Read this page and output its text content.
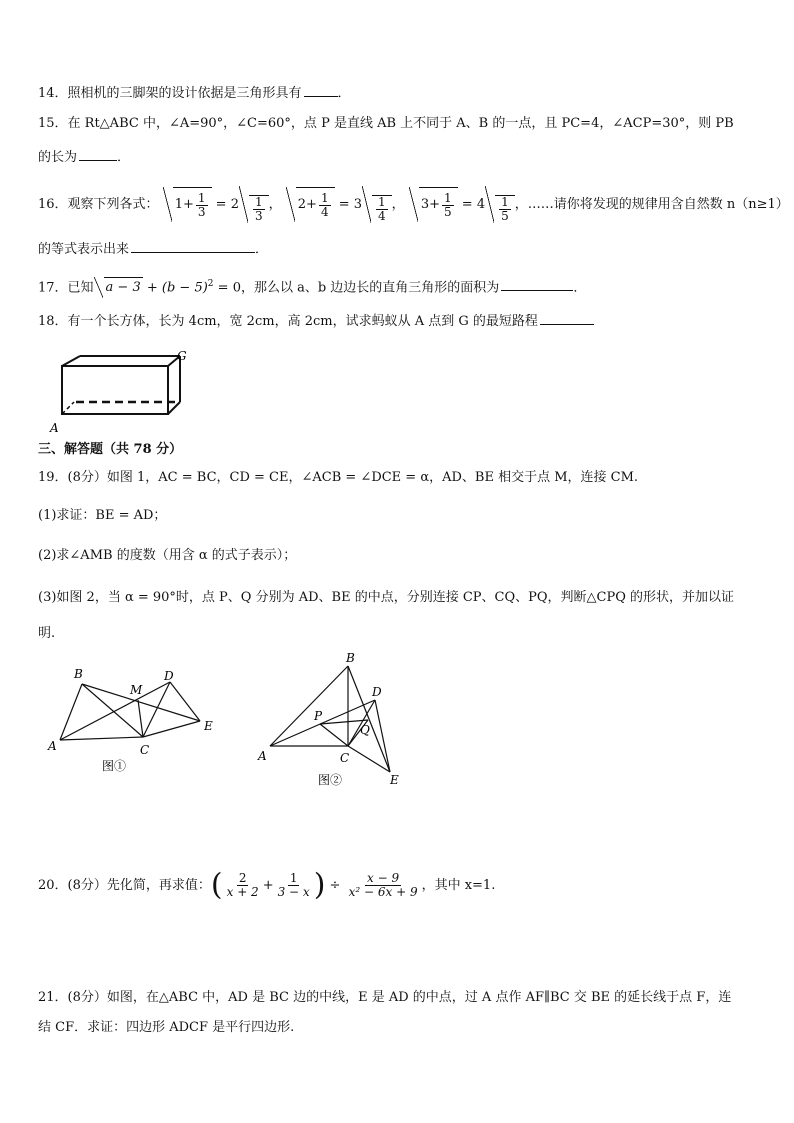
14．照相机的三脚架的设计依据是三角形具有	．
15．在 Rt△ABC 中，∠A=90°，∠C=60°，点 P 是直线 AB 上不同于 A、B 的一点，且 PC=4，∠ACP=30°，则 PB
的长为	．
16．观察下列各式： $1 + \frac{1}{3} = 2 \frac{1}{3}$ ， $2 + \frac{1}{4} = 3 \frac{1}{4}$ ， $3 + \frac{1}{5} = 4 \frac{1}{5}$ ，……请你将发现的规律用含自然数 n（n≥1）
的等式表示出来	．
17．已知 $a - 3 + (b - 5)^2 = 0$，那么以 a、b 边边长的直角三角形的面积为	．
18．有一个长方体，长为 4cm，宽 2cm，高 2cm，试求蚂蚁从 A 点到 G 的最短路程
G
A
三、解答题（共 78 分）
19．(8分）如图 1，AC = BC，CD = CE，∠ACB = ∠DCE = α，AD、BE 相交于点 M，连接 CM.
(1)求证：BE = AD；
(2)求∠AMB 的度数（用含 α 的式子表示）；
(3)如图 2，当 α = 90°时，点 P、Q 分别为 AD、BE 的中点，分别连接 CP、CQ、PQ，判断△CPQ 的形状，并加以证
明.
B
M
D
E
A	C
图①
B
D
P
Q
A	C
E
图②
20．(8分）先化简，再求值：( $\frac{2}{x + 2} + \frac{1}{3 - x}$ ) ÷ $\frac{x - 9}{\text{x² − 6x + 9}}$ ，其中 x=1.
21．(8分）如图，在△ABC 中，AD 是 BC 边的中线，E 是 AD 的中点，过 A 点作 AF∥BC 交 BE 的延长线于点 F，连
结 CF．求证：四边形 ADCF 是平行四边形.
